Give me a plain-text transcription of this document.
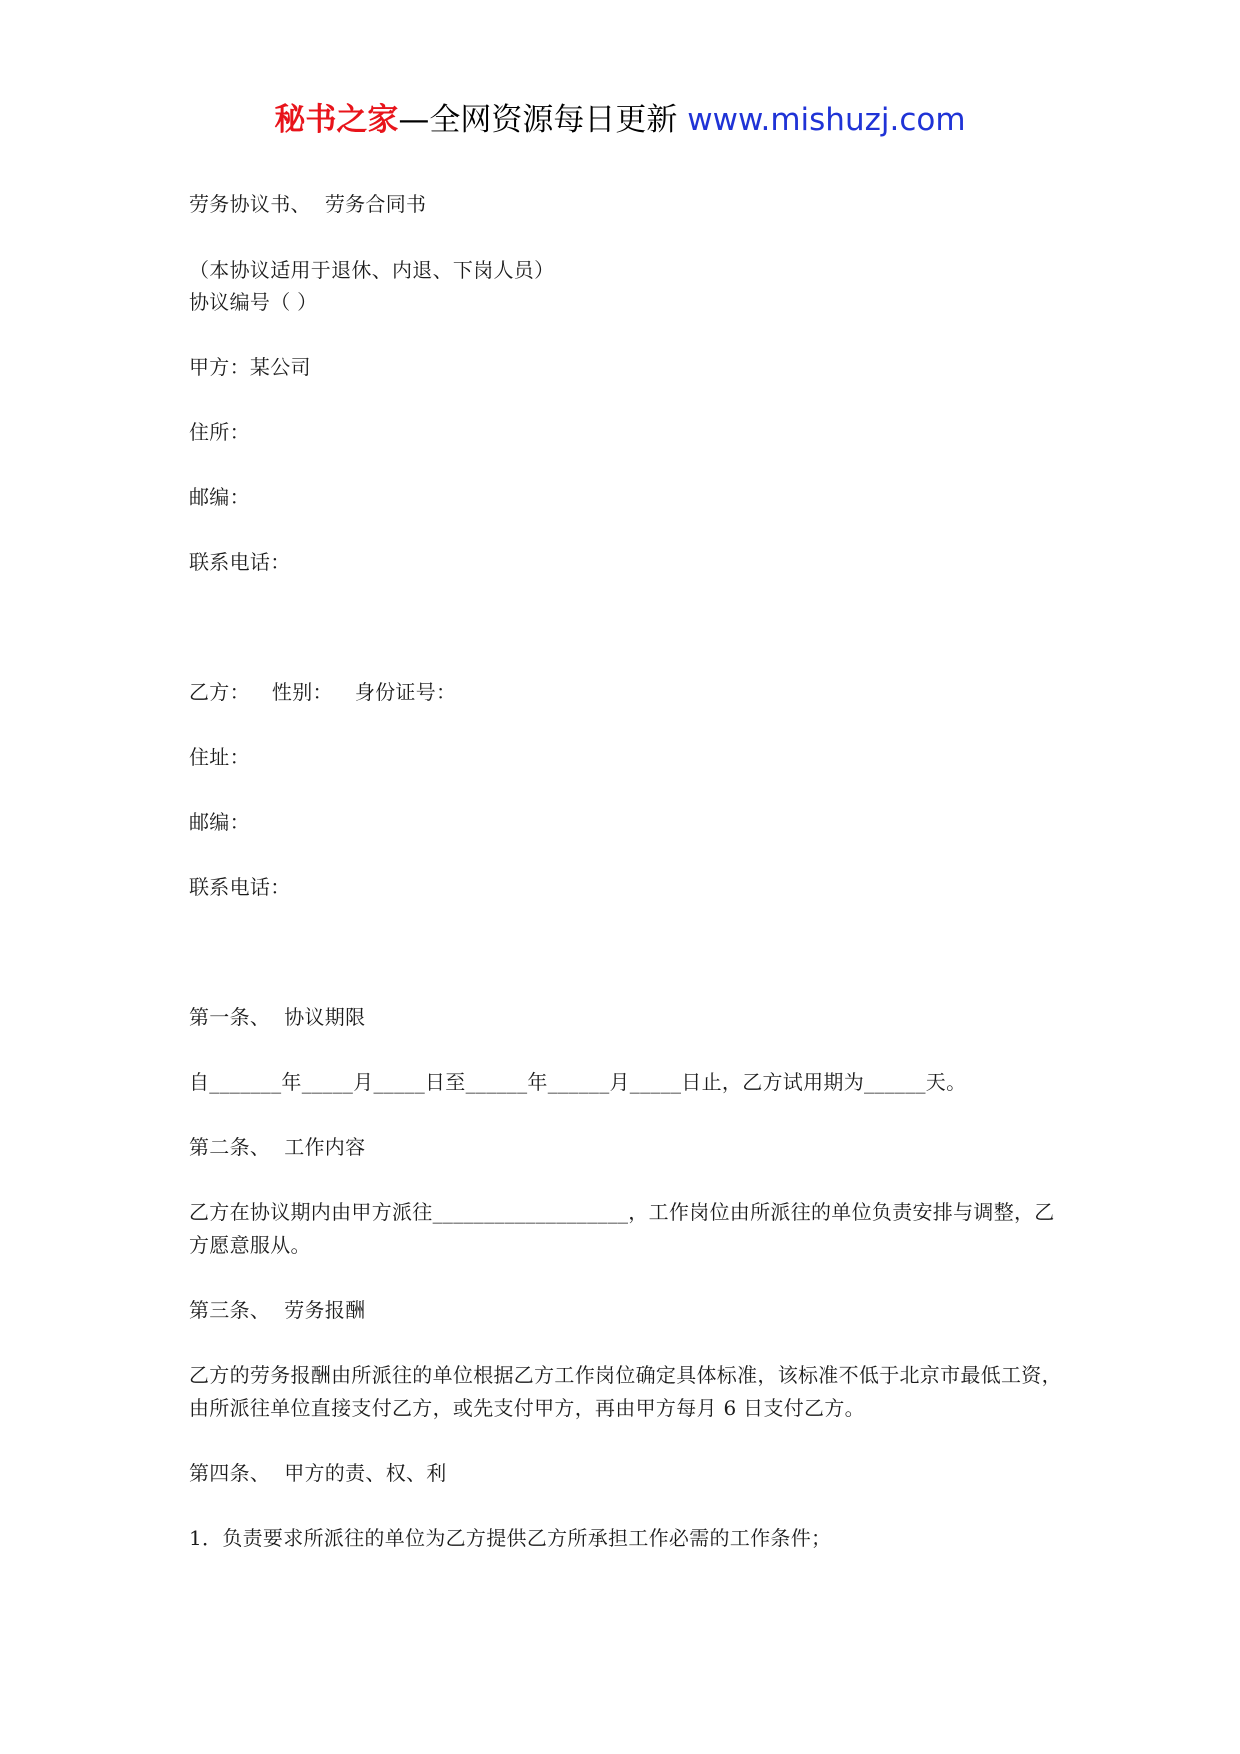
秘书之家—全网资源每日更新 www.mishuzj.com
劳务协议书、 劳务合同书
（本协议适用于退休、内退、下岗人员）
协议编号（ ）
甲方：某公司
住所：
邮编：
联系电话：
乙方： 性别： 身份证号：
住址：
邮编：
联系电话：
第一条、 协议期限
自_______年_____月_____日至______年______月_____日止，乙方试用期为______天。
第二条、 工作内容
乙方在协议期内由甲方派往___________________，工作岗位由所派往的单位负责安排与调整，乙方愿意服从。
第三条、 劳务报酬
乙方的劳务报酬由所派往的单位根据乙方工作岗位确定具体标准，该标准不低于北京市最低工资，由所派往单位直接支付乙方，或先支付甲方，再由甲方每月 6 日支付乙方。
第四条、 甲方的责、权、利
1．负责要求所派往的单位为乙方提供乙方所承担工作必需的工作条件；
